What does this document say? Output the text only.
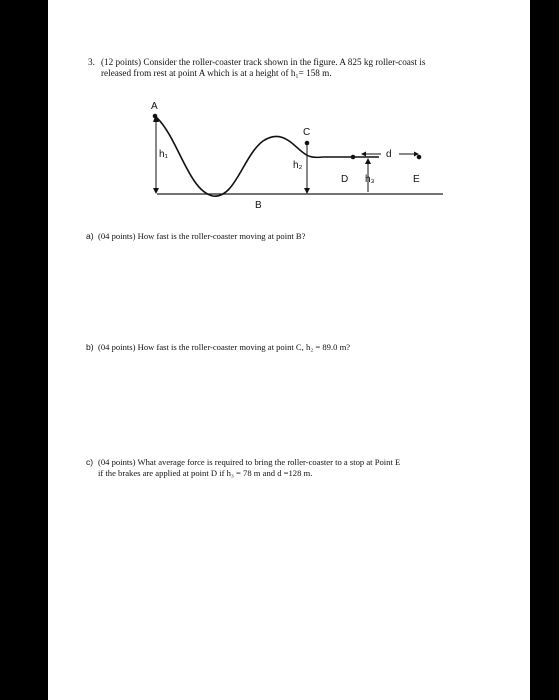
3. (12 points) Consider the roller-coaster track shown in the figure. A 825 kg roller-coast is
released from rest at point A which is at a height of h₁= 158 m.
A
h₁
B
C
h₂
d
D h₃	E
a) (04 points) How fast is the roller-coaster moving at point B?
b) (04 points) How fast is the roller-coaster moving at point C, h₂ = 89.0 m?
c) (04 points) What average force is required to bring the roller-coaster to a stop at Point E
if the brakes are applied at point D if h₃ = 78 m and d =128 m.
